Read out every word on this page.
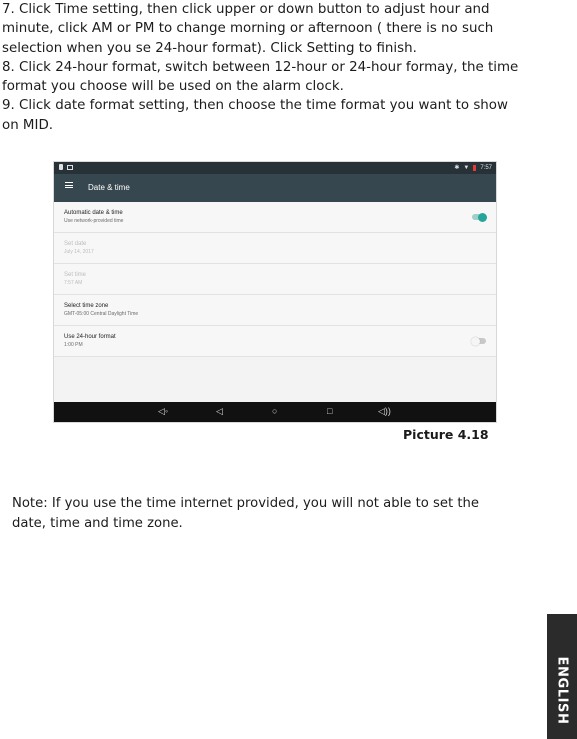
7. Click Time setting, then click upper or down button to adjust hour and
minute, click AM or PM to change morning or afternoon ( there is no such
selection when you se 24-hour format). Click Setting to finish.
8. Click 24-hour format, switch between 12-hour or 24-hour formay, the time
format you choose will be used on the alarm clock.
9. Click date format setting, then choose the time format you want to show
on MID.
✱ ▼ 7:57
Date & time
Automatic date & time
Use network-provided time
Set date
July 14, 2017
Set time
7:57 AM
Select time zone
GMT-05:00 Central Daylight Time
Use 24-hour format
1:00 PM
◁◦	◁	○	□	◁))
Picture 4.18
Note: If you use the time internet provided, you will not able to set the
date, time and time zone.
ENGLISH
